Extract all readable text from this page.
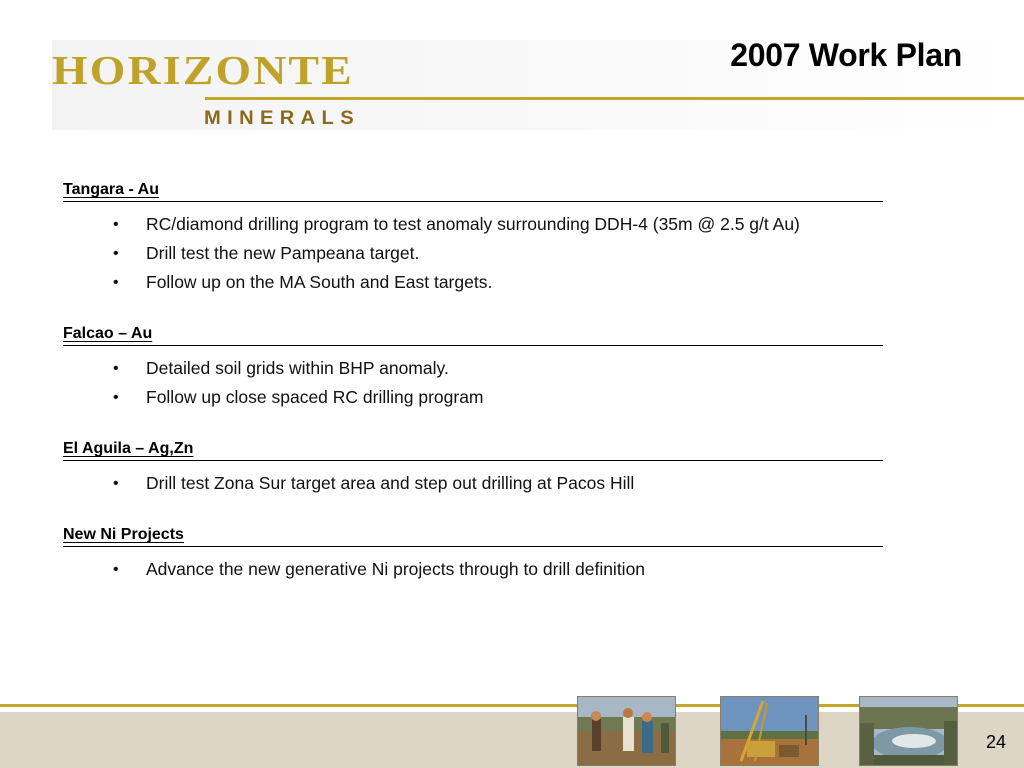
HORIZONTE
MINERALS
2007 Work Plan
Tangara - Au
• RC/diamond drilling program to test anomaly surrounding DDH-4 (35m @ 2.5 g/t Au)
• Drill test the new Pampeana target.
• Follow up on the MA South and East targets.
Falcao – Au
• Detailed soil grids within BHP anomaly.
• Follow up close spaced RC drilling program
El Aguila – Ag,Zn
• Drill test Zona Sur target area and step out drilling at Pacos Hill
New Ni Projects
• Advance the new generative Ni projects through to drill definition
24
